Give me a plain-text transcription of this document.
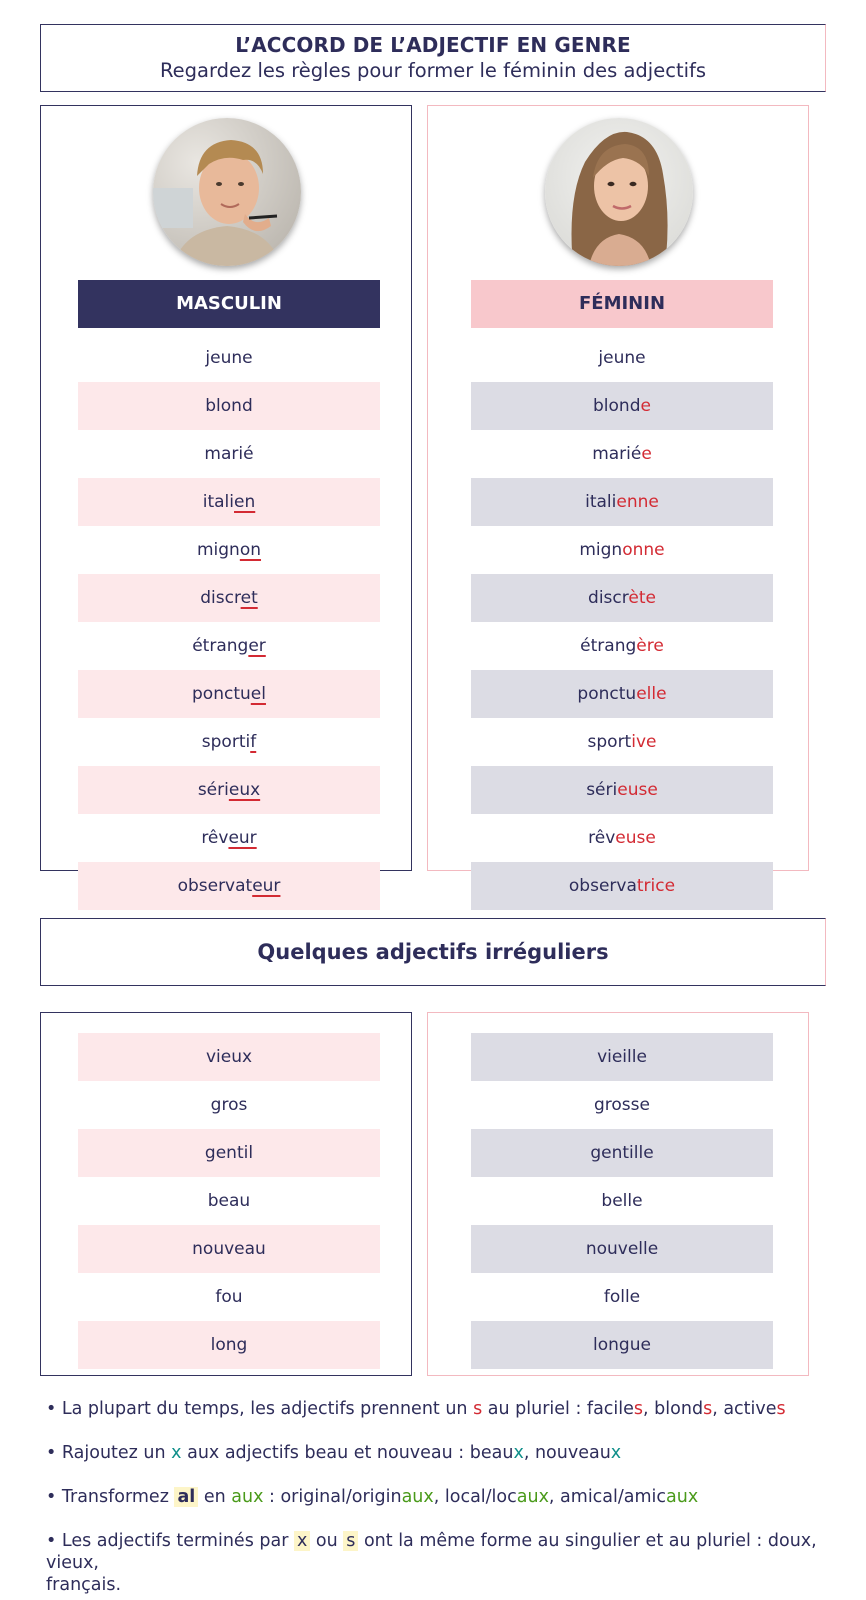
L’ACCORD DE L’ADJECTIF EN GENRE
Regardez les règles pour former le féminin des adjectifs
MASCULIN
jeune
blond
marié
italien
mignon
discret
étranger
ponctuel
sportif
sérieux
rêveur
observateur
FÉMININ
jeune
blonde
mariée
italienne
mignonne
discrète
étrangère
ponctuelle
sportive
sérieuse
rêveuse
observatrice
Quelques adjectifs irréguliers
vieux
gros
gentil
beau
nouveau
fou
long
vieille
grosse
gentille
belle
nouvelle
folle
longue
• La plupart du temps, les adjectifs prennent un s au pluriel : faciles, blonds, actives
• Rajoutez un x aux adjectifs beau et nouveau : beaux, nouveaux
• Transformez al en aux : original/originaux, local/locaux, amical/amicaux
• Les adjectifs terminés par x ou s ont la même forme au singulier et au pluriel : doux, vieux,
français.
